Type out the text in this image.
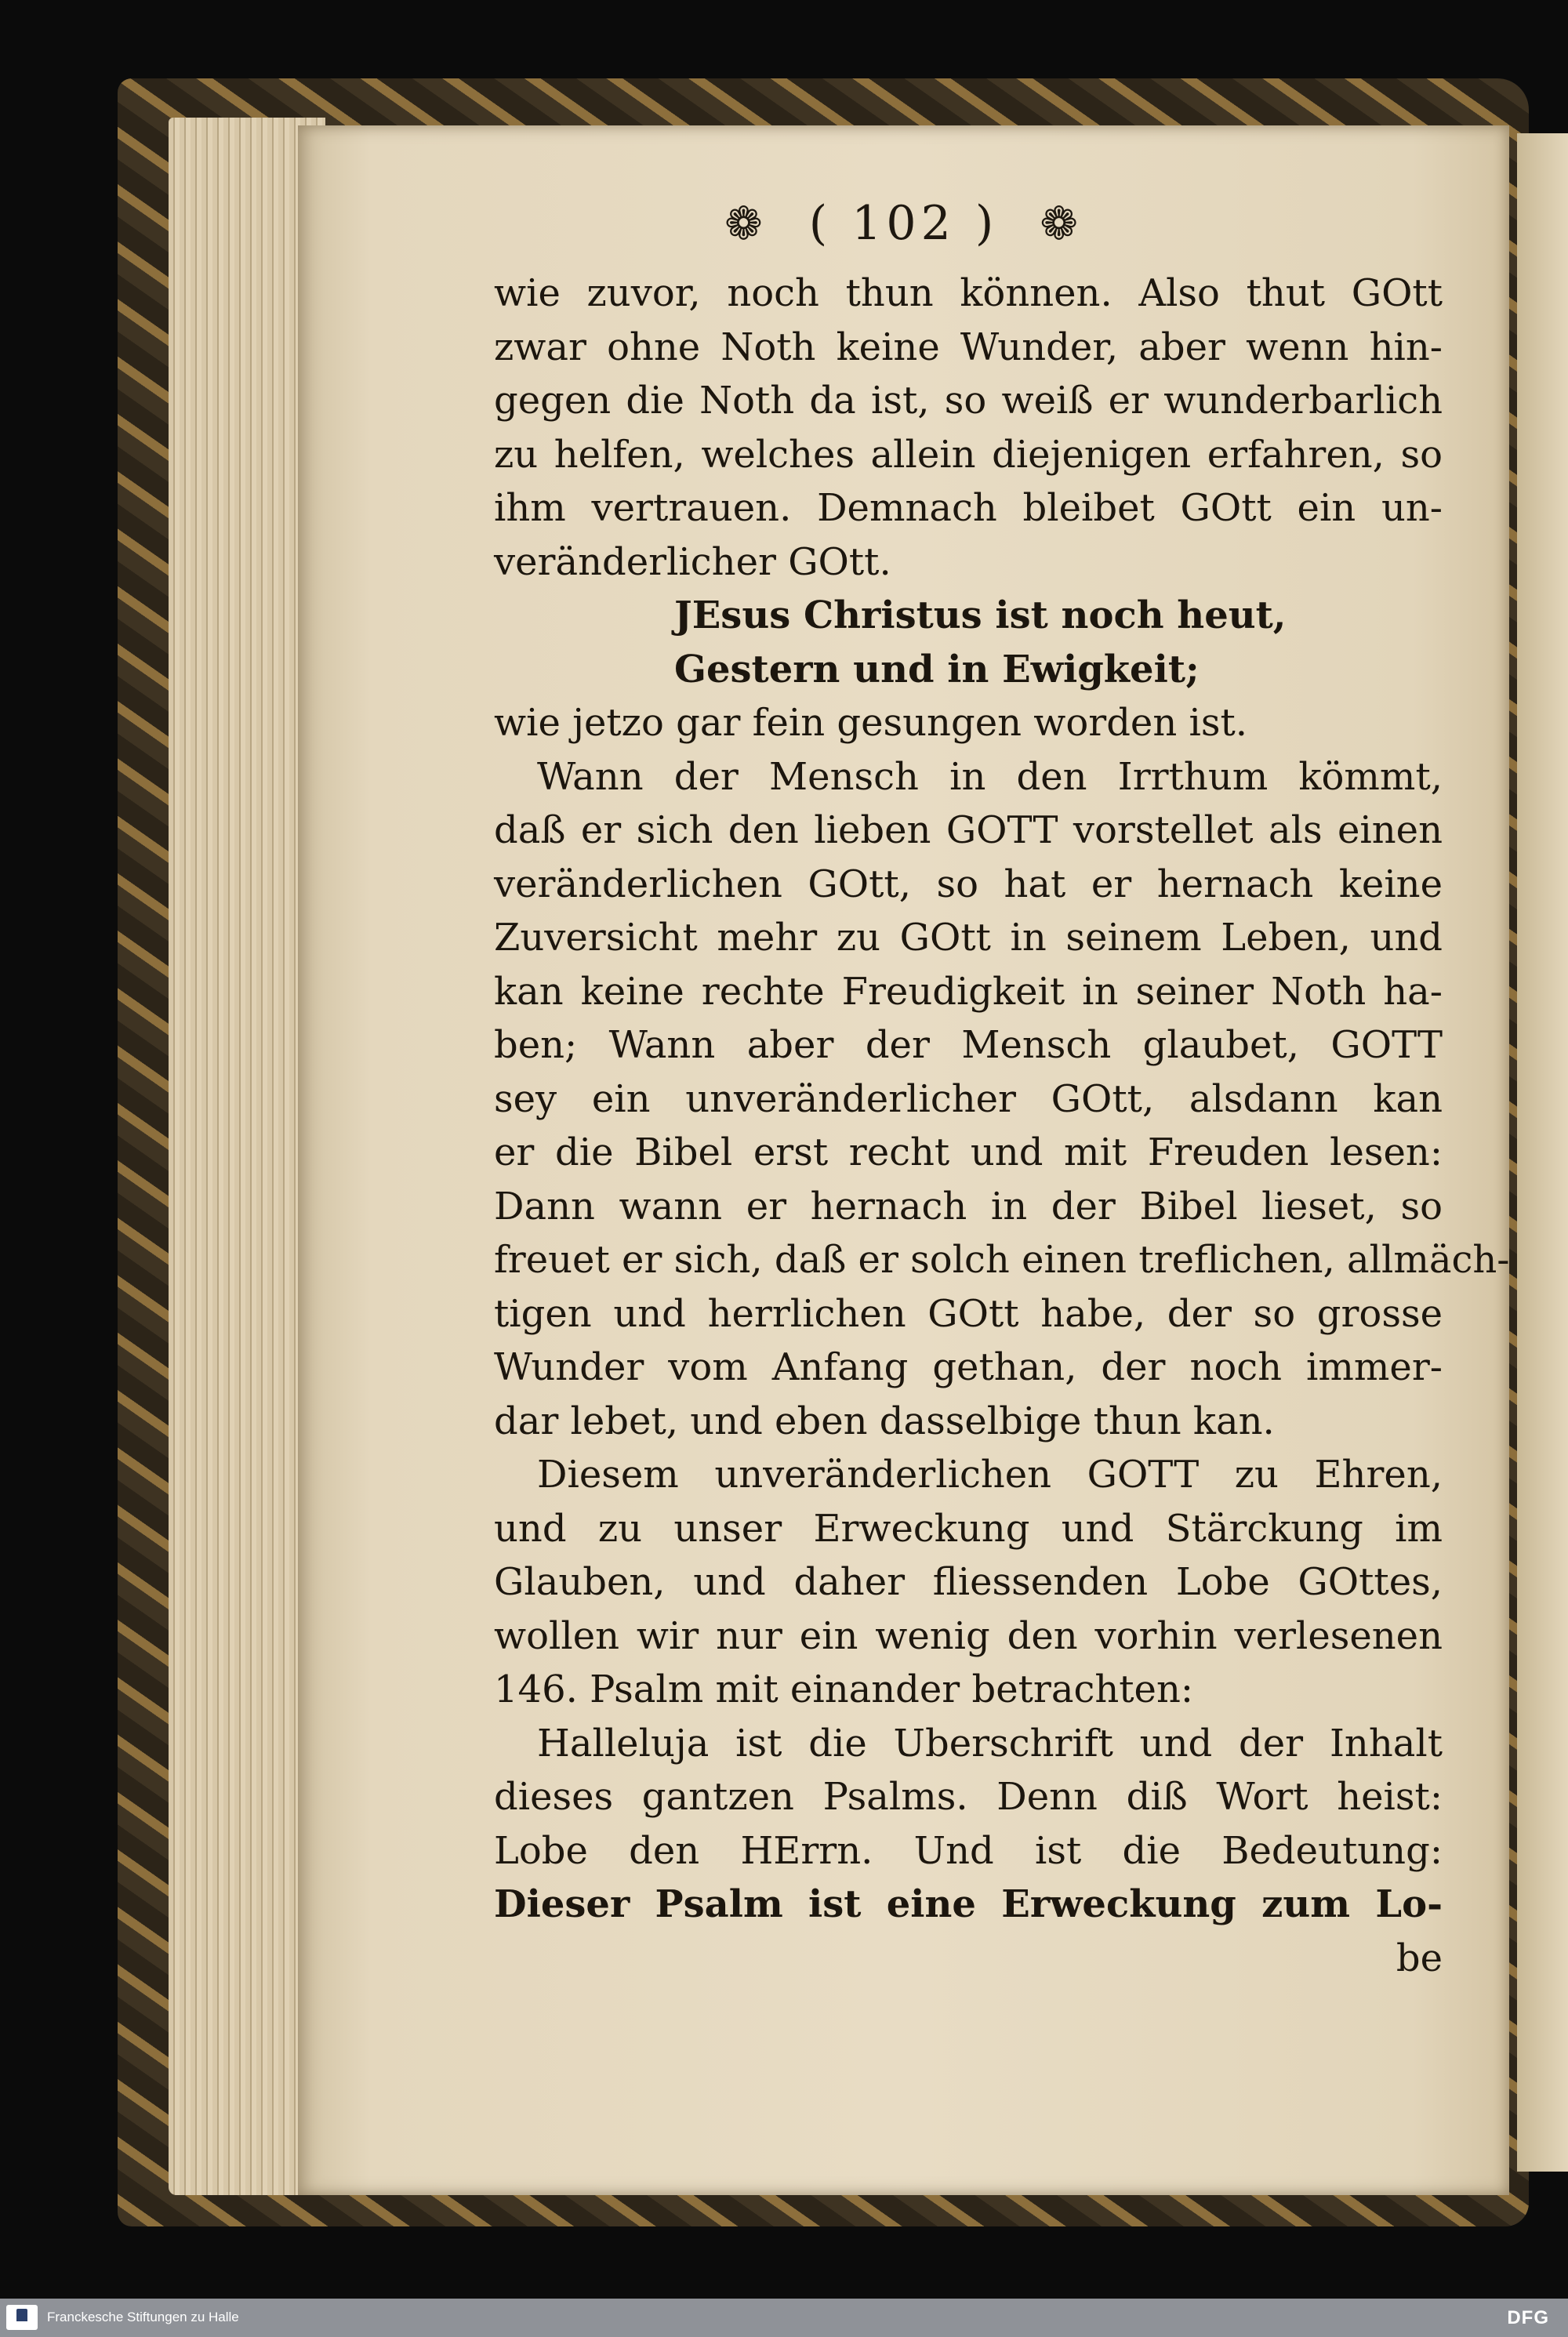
❁ ( 102 ) ❁
wie zuvor, noch thun können. Also thut GOtt
zwar ohne Noth keine Wunder, aber wenn hin-
gegen die Noth da ist, so weiß er wunderbarlich
zu helfen, welches allein diejenigen erfahren, so
ihm vertrauen. Demnach bleibet GOtt ein un-
veränderlicher GOtt.
JEsus Christus ist noch heut,
Gestern und in Ewigkeit;
wie jetzo gar fein gesungen worden ist.
Wann der Mensch in den Irrthum kömmt,
daß er sich den lieben GOTT vorstellet als einen
veränderlichen GOtt, so hat er hernach keine
Zuversicht mehr zu GOtt in seinem Leben, und
kan keine rechte Freudigkeit in seiner Noth ha-
ben; Wann aber der Mensch glaubet, GOTT
sey ein unveränderlicher GOtt, alsdann kan
er die Bibel erst recht und mit Freuden lesen:
Dann wann er hernach in der Bibel lieset, so
freuet er sich, daß er solch einen treflichen, allmäch-
tigen und herrlichen GOtt habe, der so grosse
Wunder vom Anfang gethan, der noch immer-
dar lebet, und eben dasselbige thun kan.
Diesem unveränderlichen GOTT zu Ehren,
und zu unser Erweckung und Stärckung im
Glauben, und daher fliessenden Lobe GOttes,
wollen wir nur ein wenig den vorhin verlesenen
146. Psalm mit einander betrachten:
Halleluja ist die Uberschrift und der Inhalt
dieses gantzen Psalms. Denn diß Wort heist:
Lobe den HErrn. Und ist die Bedeutung:
Dieser Psalm ist eine Erweckung zum Lo-
be
Franckesche Stiftungen zu Halle	DFG
